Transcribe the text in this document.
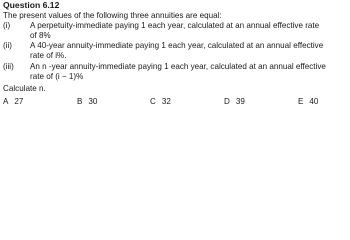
Question 6.12
The present values of the following three annuities are equal:
(i) A perpetuity-immediate paying 1 each year, calculated at an annual effective rate
of 8%
(ii) A 40-year annuity-immediate paying 1 each year, calculated at an annual effective
rate of i%.
(iii) An n -year annuity-immediate paying 1 each year, calculated at an annual effective
rate of (i − 1)%
Calculate n.
A 27	B 30	C 32	D 39	E 40
